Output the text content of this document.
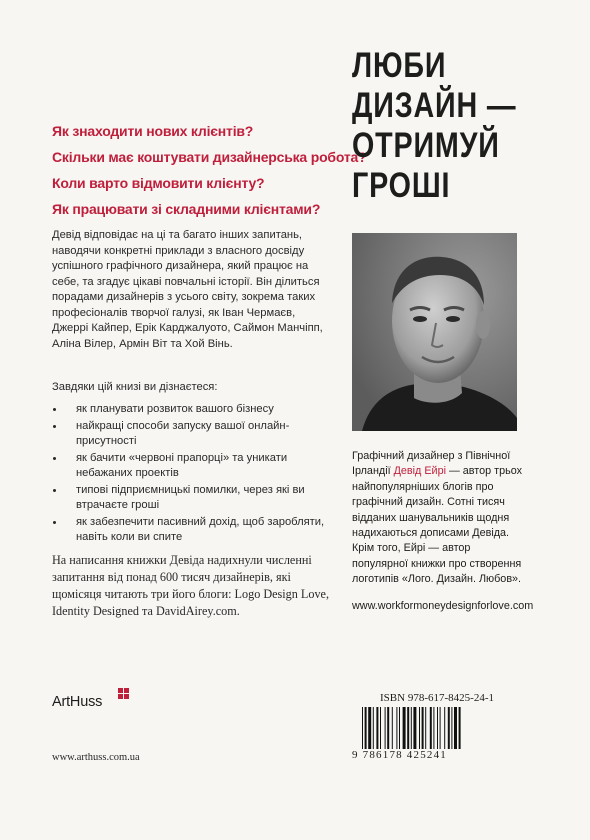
Як знаходити нових клієнтів?
Скільки має коштувати дизайнерська робота?
Коли варто відмовити клієнту?
Як працювати зі складними клієнтами?
Девід відповідає на ці та багато інших запитань, наводячи конкретні приклади з власного досвіду успішного графічного дизайнера, який працює на себе, та згадує цікаві повчальні історії. Він ділиться порадами дизайнерів з усього світу, зокрема таких професіоналів творчої галузі, як Іван Чермаєв, Джеррі Кайпер, Ерік Карджалуото, Саймон Манчіпп, Аліна Вілер, Армін Віт та Хой Вінь.
Завдяки цій книзі ви дізнаєтеся:
як планувати розвиток вашого бізнесу
найкращі способи запуску вашої онлайн-присутності
як бачити «червоні прапорці» та уникати небажаних проектів
типові підприємницькі помилки, через які ви втрачаєте гроші
як забезпечити пасивний дохід, щоб заробляти, навіть коли ви спите
На написання книжки Девіда надихнули численні запитання від понад 600 тисяч дизайнерів, які щомісяця читають три його блоги: Logo Design Love, Identity Designed та DavidAirey.com.
ArtHuss
www.arthuss.com.ua
ЛЮБИ
ДИЗАЙН —
ОТРИМУЙ
ГРОШІ
Графічний дизайнер з Північної Ірландії Девід Ейрі — автор трьох найпопулярніших блогів про графічний дизайн. Сотні тисяч відданих шанувальників щодня надихаються дописами Девіда. Крім того, Ейрі — автор популярної книжки про створення логотипів «Лого. Дизайн. Любов».
www.workformoneydesignforlove.com
ISBN 978-617-8425-24-1
9 786178 425241
